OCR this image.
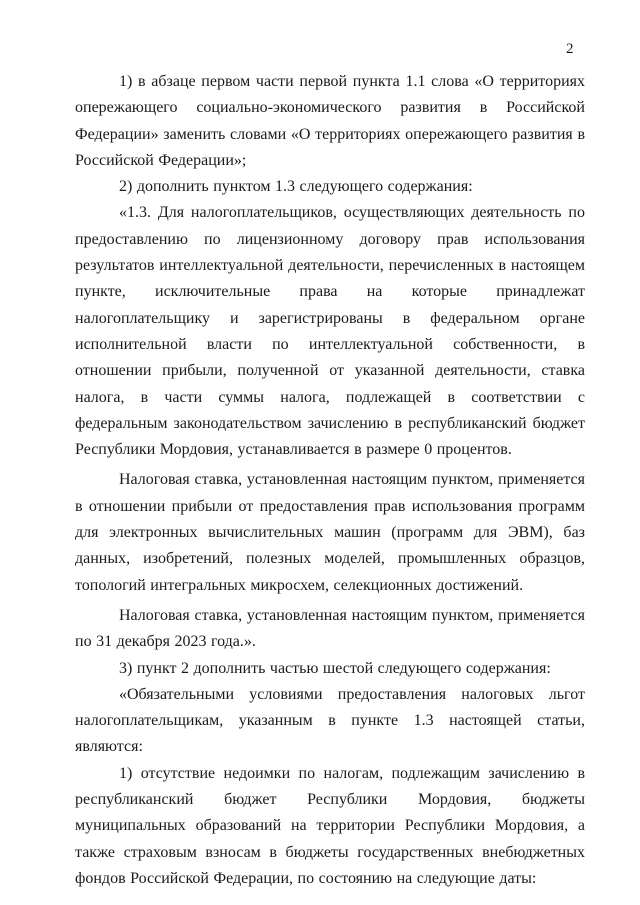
2

1) в абзаце первом части первой пункта 1.1 слова «О территориях опережающего социально-экономического развития в Российской Федерации» заменить словами «О территориях опережающего развития в Российской Федерации»;

2) дополнить пунктом 1.3 следующего содержания:

«1.3. Для налогоплательщиков, осуществляющих деятельность по предоставлению по лицензионному договору прав использования результатов интеллектуальной деятельности, перечисленных в настоящем пункте, исключительные права на которые принадлежат налогоплательщику и зарегистрированы в федеральном органе исполнительной власти по интеллектуальной собственности, в отношении прибыли, полученной от указанной деятельности, ставка налога, в части суммы налога, подлежащей в соответствии с федеральным законодательством зачислению в республиканский бюджет Республики Мордовия, устанавливается в размере 0 процентов.

Налоговая ставка, установленная настоящим пунктом, применяется в отношении прибыли от предоставления прав использования программ для электронных вычислительных машин (программ для ЭВМ), баз данных, изобретений, полезных моделей, промышленных образцов, топологий интегральных микросхем, селекционных достижений.

Налоговая ставка, установленная настоящим пунктом, применяется по 31 декабря 2023 года.».

3) пункт 2 дополнить частью шестой следующего содержания:

«Обязательными условиями предоставления налоговых льгот налогоплательщикам, указанным в пункте 1.3 настоящей статьи, являются:

1) отсутствие недоимки по налогам, подлежащим зачислению в республиканский бюджет Республики Мордовия, бюджеты муниципальных образований на территории Республики Мордовия, а также страховым взносам в бюджеты государственных внебюджетных фондов Российской Федерации, по состоянию на следующие даты:
